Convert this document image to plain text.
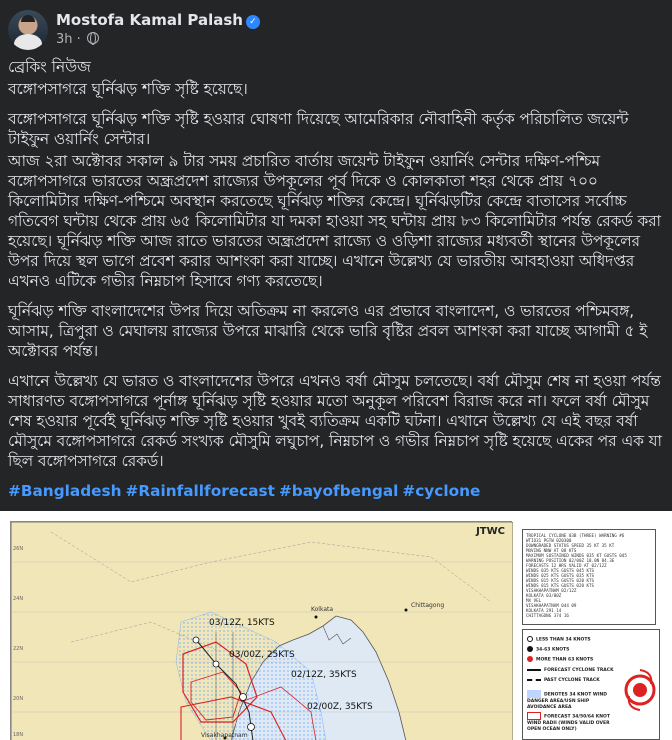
Mostofa Kamal Palash ✓
3h ·

ব্রেকিং নিউজ

বঙ্গোপসাগরে ঘূর্নিঝড় শক্তি সৃষ্টি হয়েছে।

বঙ্গোপসাগরে ঘূর্নিঝড় শক্তি সৃষ্টি হওয়ার ঘোষণা দিয়েছে আমেরিকার নৌবাহিনী কর্তৃক পরিচালিত জয়েন্ট টাইফুন ওয়ার্নিং সেন্টার।

আজ ২রা অক্টোবর সকাল ৯ টার সময় প্রচারিত বার্তায় জয়েন্ট টাইফুন ওয়ার্নিং সেন্টার দক্ষিণ-পশ্চিম বঙ্গোপসাগরে ভারতের অন্ধ্রপ্রদেশ রাজ্যের উপকূলের পূর্ব দিকে ও কোলকাতা শহর থেকে প্রায় ৭০০ কিলোমিটার দক্ষিণ-পশ্চিমে অবস্থান করতেছে ঘূর্নিঝড় শক্তির কেন্দ্রে। ঘূর্নিঝড়টির কেন্দ্রে বাতাসের সর্বোচ্চ গতিবেগ ঘন্টায় থেকে প্রায় ৬৫ কিলোমিটার যা দমকা হাওয়া সহ ঘন্টায় প্রায় ৮৩ কিলোমিটার পর্যন্ত রেকর্ড করা হয়েছে। ঘূর্নিঝড় শক্তি আজ রাতে ভারতের অন্ধ্রপ্রদেশ রাজ্যে ও ওড়িশা রাজ্যের মধ্যবর্তী স্থানের উপকূলের উপর দিয়ে স্থল ভাগে প্রবেশ করার আশংকা করা যাচ্ছে। এখানে উল্লেখ্য যে ভারতীয় আবহাওয়া অধিদপ্তর এখনও এটিকে গভীর নিম্নচাপ হিসাবে গণ্য করতেছে।

ঘূর্নিঝড় শক্তি বাংলাদেশের উপর দিয়ে অতিক্রম না করলেও এর প্রভাবে বাংলাদেশ, ও ভারতের পশ্চিমবঙ্গ, আসাম, ত্রিপুরা ও মেঘালয় রাজ্যের উপরে মাঝারি থেকে ভারি বৃষ্টির প্রবল আশংকা করা যাচ্ছে আগামী ৫ ই অক্টোবর পর্যন্ত।

এখানে উল্লেখ্য যে ভারত ও বাংলাদেশের উপরে এখনও বর্ষা মৌসুম চলতেছে। বর্ষা মৌসুম শেষ না হওয়া পর্যন্ত সাধারণত বঙ্গোপসাগরে পূর্নাঙ্গ ঘূর্নিঝড় সৃষ্টি হওয়ার মতো অনুকূল পরিবেশ বিরাজ করে না। ফলে বর্ষা মৌসুম শেষ হওয়ার পূর্বেই ঘূর্নিঝড় শক্তি সৃষ্টি হওয়ার খুবই ব্যতিক্রম একটি ঘটনা। এখানে উল্লেখ্য যে এই বছর বর্ষা মৌসুমে বঙ্গোপসাগরে রেকর্ড সংখ্যক মৌসুমি লঘুচাপ, নিম্নচাপ ও গভীর নিম্নচাপ সৃষ্টি হয়েছে একের পর এক যা ছিল বঙ্গোপসাগরে রেকর্ড।

#Bangladesh #Rainfallforecast #bayofbengal #cyclone

JTWC
26N
24N
22N
20N
18N
03/12Z, 15KTS
03/00Z, 25KTS
02/12Z, 35KTS
02/00Z, 35KTS
Kolkata
Chittagong
Visakhapatnam
TROPICAL CYCLONE 03B (THREE) WARNING #6
WTIO31 PGTW 020300
DOWNGRADED STATUS SPEED 35 KT 35 KT
MOVING NNW AT 08 KTS
MAXIMUM SUSTAINED WINDS 035 KT GUSTS 045
WARNING POSITION 02/00Z 18.0N 84.3E
FORECASTS 12 HRS VALID AT 02/12Z
WINDS 035 KTS GUSTS 045 KTS
WINDS 025 KTS GUSTS 035 KTS
WINDS 015 KTS GUSTS 020 KTS
WINDS 015 KTS GUSTS 020 KTS
VISAKHAPATNAM 02/12Z
KOLKATA 03/00Z
MX VEL
VISAKHAPATNAM 044 09
KOLKATA 291 14
CHITTAGONG 374 16
LESS THAN 34 KNOTS
34-63 KNOTS
MORE THAN 63 KNOTS
FORECAST CYCLONE TRACK
PAST CYCLONE TRACK
DENOTES 34 KNOT WIND DANGER AREA/USN SHIP AVOIDANCE AREA
FORECAST 34/50/64 KNOT WIND RADII (WINDS VALID OVER OPEN OCEAN ONLY)
